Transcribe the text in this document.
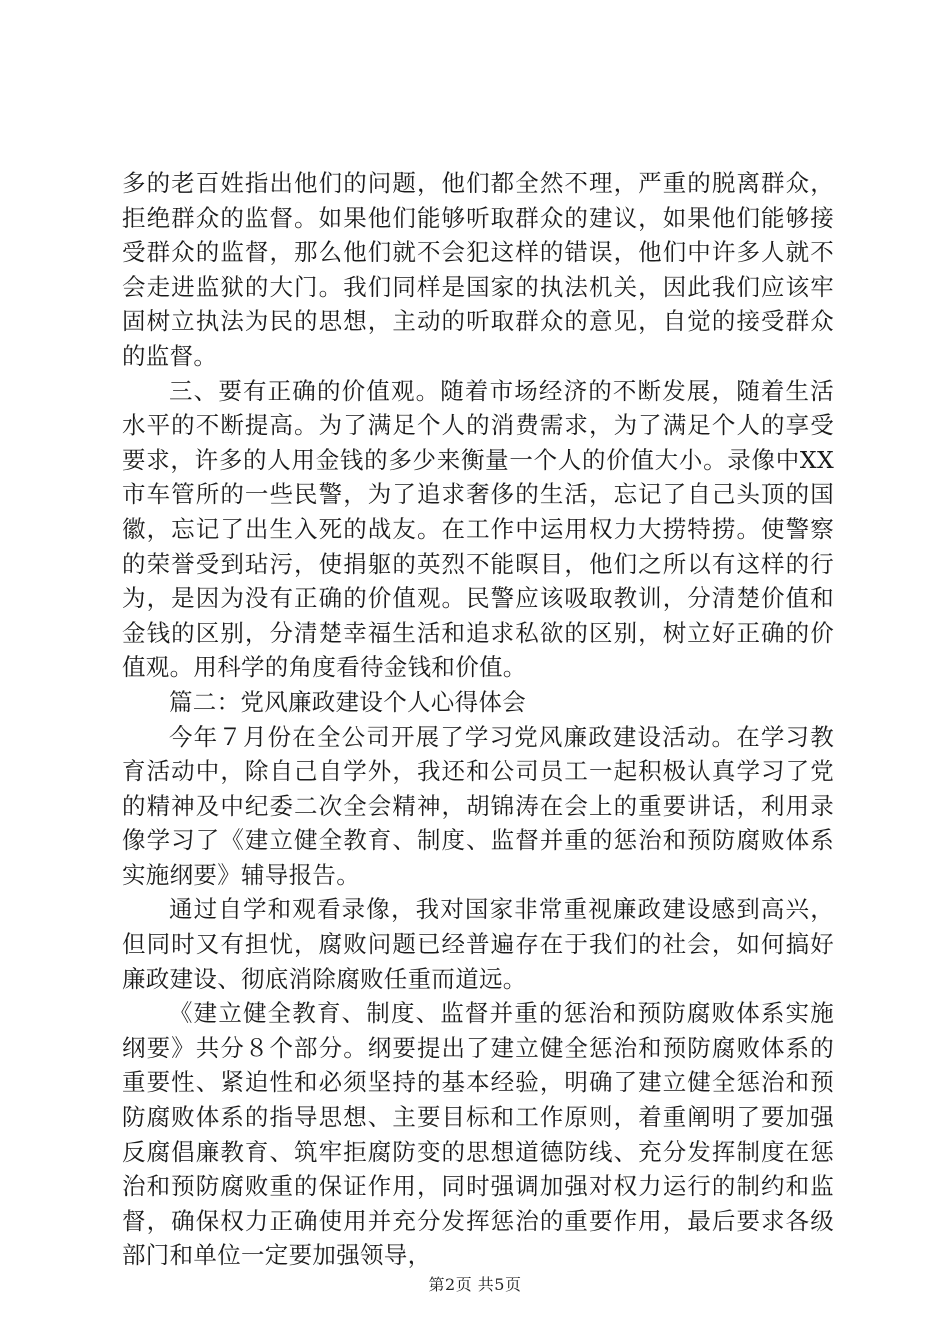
多的老百姓指出他们的问题，他们都全然不理，严重的脱离群众，拒绝群众的监督。如果他们能够听取群众的建议，如果他们能够接受群众的监督，那么他们就不会犯这样的错误，他们中许多人就不会走进监狱的大门。我们同样是国家的执法机关，因此我们应该牢固树立执法为民的思想，主动的听取群众的意见，自觉的接受群众的监督。

三、要有正确的价值观。随着市场经济的不断发展，随着生活水平的不断提高。为了满足个人的消费需求，为了满足个人的享受要求，许多的人用金钱的多少来衡量一个人的价值大小。录像中XX市车管所的一些民警，为了追求奢侈的生活，忘记了自己头顶的国徽，忘记了出生入死的战友。在工作中运用权力大捞特捞。使警察的荣誉受到玷污，使捐躯的英烈不能暝目，他们之所以有这样的行为，是因为没有正确的价值观。民警应该吸取教训，分清楚价值和金钱的区别，分清楚幸福生活和追求私欲的区别，树立好正确的价值观。用科学的角度看待金钱和价值。

篇二：党风廉政建设个人心得体会

今年７月份在全公司开展了学习党风廉政建设活动。在学习教育活动中，除自己自学外，我还和公司员工一起积极认真学习了党的精神及中纪委二次全会精神，胡锦涛在会上的重要讲话，利用录像学习了《建立健全教育、制度、监督并重的惩治和预防腐败体系实施纲要》辅导报告。

通过自学和观看录像，我对国家非常重视廉政建设感到高兴，但同时又有担忧，腐败问题已经普遍存在于我们的社会，如何搞好廉政建设、彻底消除腐败任重而道远。

《建立健全教育、制度、监督并重的惩治和预防腐败体系实施纲要》共分８个部分。纲要提出了建立健全惩治和预防腐败体系的重要性、紧迫性和必须坚持的基本经验，明确了建立健全惩治和预防腐败体系的指导思想、主要目标和工作原则，着重阐明了要加强反腐倡廉教育、筑牢拒腐防变的思想道德防线、充分发挥制度在惩治和预防腐败重的保证作用，同时强调加强对权力运行的制约和监督，确保权力正确使用并充分发挥惩治的重要作用，最后要求各级部门和单位一定要加强领导，

第2页 共5页
